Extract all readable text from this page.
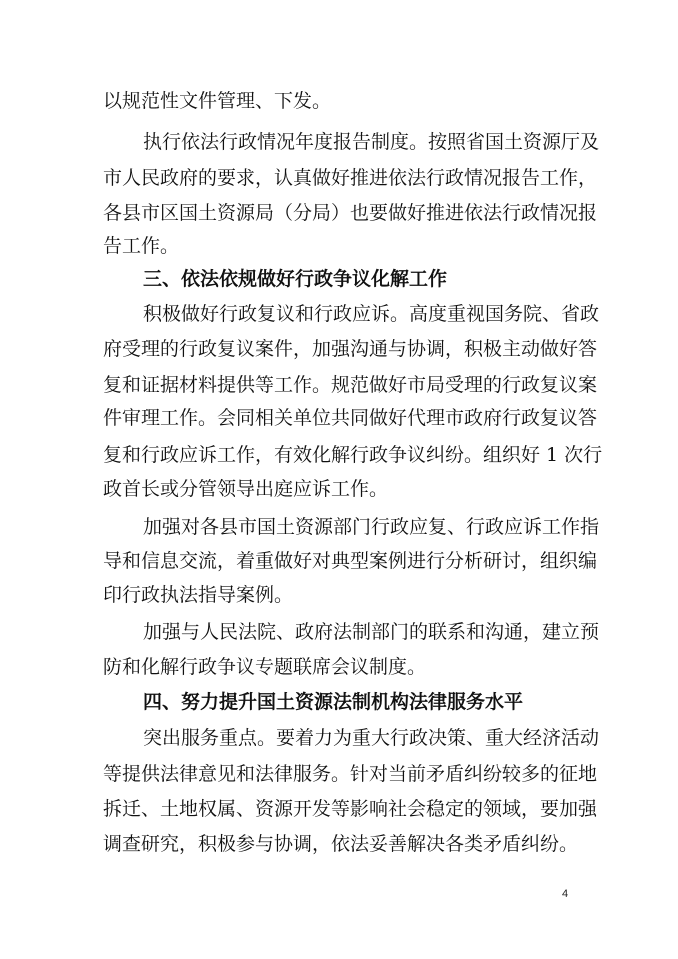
以规范性文件管理、下发。
执行依法行政情况年度报告制度。按照省国土资源厅及
市人民政府的要求，认真做好推进依法行政情况报告工作，
各县市区国土资源局（分局）也要做好推进依法行政情况报
告工作。
三、依法依规做好行政争议化解工作
积极做好行政复议和行政应诉。高度重视国务院、省政
府受理的行政复议案件，加强沟通与协调，积极主动做好答
复和证据材料提供等工作。规范做好市局受理的行政复议案
件审理工作。会同相关单位共同做好代理市政府行政复议答
复和行政应诉工作，有效化解行政争议纠纷。组织好 1 次行
政首长或分管领导出庭应诉工作。
加强对各县市国土资源部门行政应复、行政应诉工作指
导和信息交流，着重做好对典型案例进行分析研讨，组织编
印行政执法指导案例。
加强与人民法院、政府法制部门的联系和沟通，建立预
防和化解行政争议专题联席会议制度。
四、努力提升国土资源法制机构法律服务水平
突出服务重点。要着力为重大行政决策、重大经济活动
等提供法律意见和法律服务。针对当前矛盾纠纷较多的征地
拆迁、土地权属、资源开发等影响社会稳定的领域，要加强
调查研究，积极参与协调，依法妥善解决各类矛盾纠纷。
4
